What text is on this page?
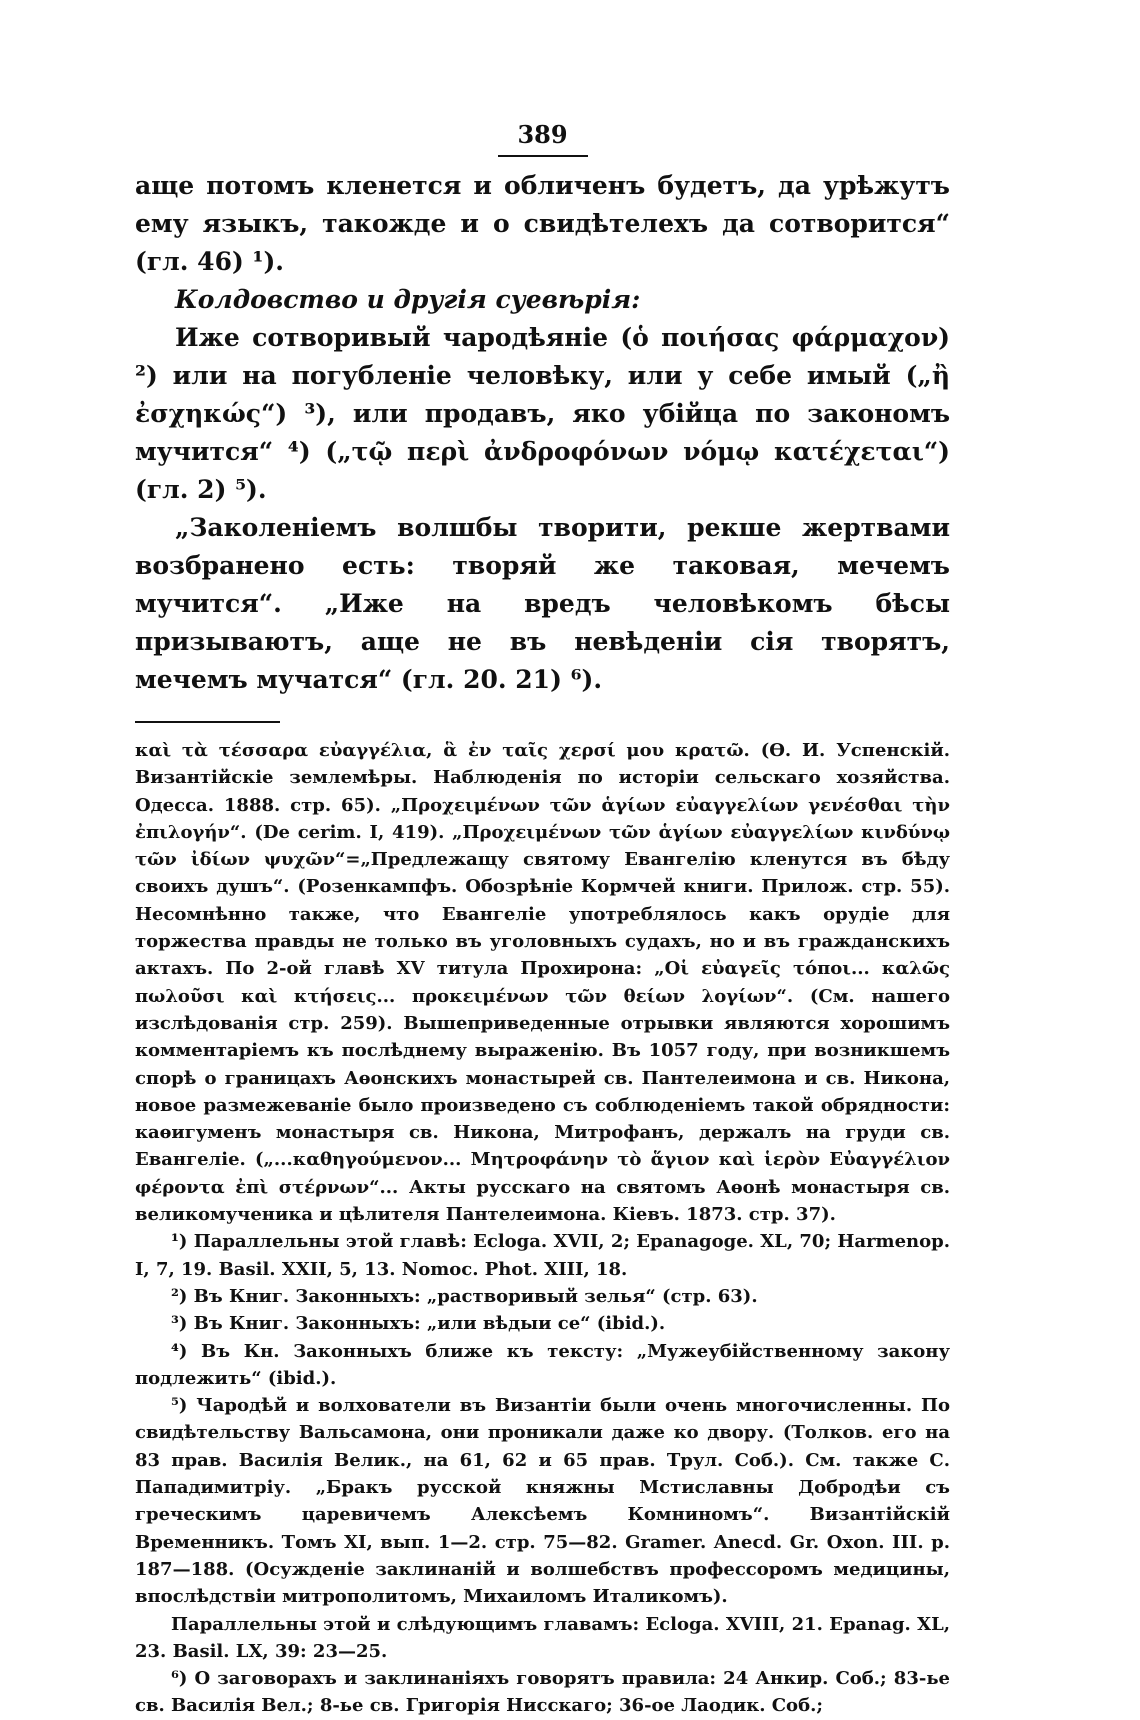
389

аще потомъ кленется и обличенъ будетъ, да урѣжутъ ему языкъ, такожде и о свидѣтелехъ да сотворится“ (гл. 46) ¹).

Колдовство и другія суевѣрія:

Иже сотворивый чародѣяніе (ὁ ποιήσας φάρμαχον) ²) или на погубленіе человѣку, или у себе имый („ἢ ἐσχηκώς“) ³), или продавъ, яко убійца по закономъ мучится“ ⁴) („τῷ περὶ ἀνδροφόνων νόμῳ κατέχεται“) (гл. 2) ⁵).

„Заколеніемъ волшбы творити, рекше жертвами возбранено есть: творяй же таковая, мечемъ мучится“. „Иже на вредъ человѣкомъ бѣсы призываютъ, аще не въ невѣденіи сія творятъ, мечемъ мучатся“ (гл. 20. 21) ⁶).

καὶ τὰ τέσσαρα εὐαγγέλια, ἃ ἐν ταῖς χερσί μου κρατῶ. (Ѳ. И. Успенскій. Византійскіе землемѣры. Наблюденія по исторіи сельскаго хозяйства. Одесса. 1888. стр. 65). „Προχειμένων τῶν ἁγίων εὐαγγελίων γενέσθαι τὴν ἐπιλογήν“. (De cerim. I, 419). „Προχειμένων τῶν ἁγίων εὐαγγελίων κινδύνῳ τῶν ἰδίων ψυχῶν“=„Предлежащу святому Евангелію кленутся въ бѣду своихъ душъ“. (Розенкампфъ. Обозрѣніе Кормчей книги. Прилож. стр. 55). Несомнѣнно также, что Евангеліе употреблялось какъ орудіе для торжества правды не только въ уголовныхъ судахъ, но и въ гражданскихъ актахъ. По 2-ой главѣ XV титула Прохирона: „Οἱ εὐαγεῖς τόποι... καλῶς πωλοῦσι καὶ κτήσεις... προκειμένων τῶν θείων λογίων“. (См. нашего изслѣдованія стр. 259). Вышеприведенные отрывки являются хорошимъ комментаріемъ къ послѣднему выраженію. Въ 1057 году, при возникшемъ спорѣ о границахъ Аѳонскихъ монастырей св. Пантелеимона и св. Никона, новое размежеваніе было произведено съ соблюденіемъ такой обрядности: каѳигуменъ монастыря св. Никона, Митрофанъ, держалъ на груди св. Евангеліе. („...καθηγούμενον... Μητροφάνην τὸ ἅγιον καὶ ἱερὸν Εὐαγγέλιον φέροντα ἐπὶ στέρνων“... Акты русскаго на святомъ Аѳонѣ монастыря св. великомученика и цѣлителя Пантелеимона. Кіевъ. 1873. стр. 37).

¹) Параллельны этой главѣ: Ecloga. XVII, 2; Epanagoge. XL, 70; Harmenop. I, 7, 19. Basil. XXII, 5, 13. Nomoc. Phot. XIII, 18.

²) Въ Книг. Законныхъ: „растворивый зелья“ (стр. 63).

³) Въ Книг. Законныхъ: „или вѣдыи се“ (ibid.).

⁴) Въ Кн. Законныхъ ближе къ тексту: „Мужеубійственному закону подлежить“ (ibid.).

⁵) Чародѣй и волхователи въ Византіи были очень многочисленны. По свидѣтельству Вальсамона, они проникали даже ко двору. (Толков. его на 83 прав. Василія Велик., на 61, 62 и 65 прав. Трул. Соб.). См. также С. Пападимитріу. „Бракъ русской княжны Мстиславны Добродѣи съ греческимъ царевичемъ Алексѣемъ Комниномъ“. Византійскій Временникъ. Томъ XI, вып. 1—2. стр. 75—82. Gramer. Anecd. Gr. Oxon. III. p. 187—188. (Осужденіе заклинаній и волшебствъ профессоромъ медицины, впослѣдствіи митрополитомъ, Михаиломъ Италикомъ).

Параллельны этой и слѣдующимъ главамъ: Ecloga. XVIII, 21. Epanag. XL, 23. Basil. LX, 39: 23—25.

⁶) О заговорахъ и заклинаніяхъ говорятъ правила: 24 Анкир. Соб.; 83-ье св. Василія Вел.; 8-ье св. Григорія Нисскаго; 36-ое Лаодик. Соб.;
